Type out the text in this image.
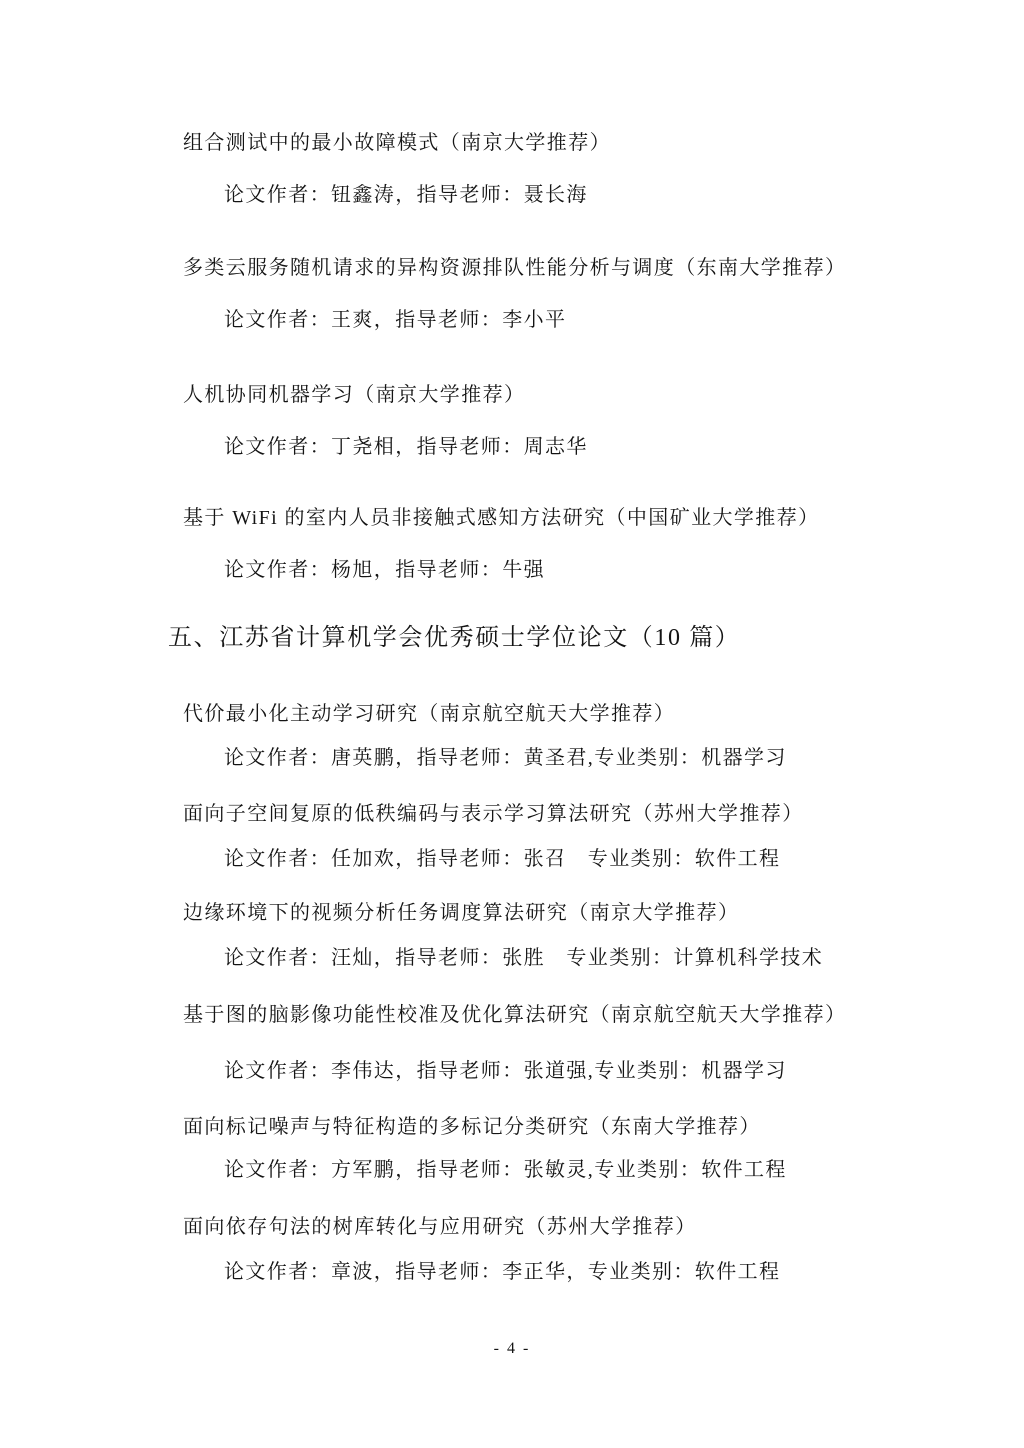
组合测试中的最小故障模式（南京大学推荐）
论文作者：钮鑫涛，指导老师：聂长海
多类云服务随机请求的异构资源排队性能分析与调度（东南大学推荐）
论文作者：王爽，指导老师：李小平
人机协同机器学习（南京大学推荐）
论文作者：丁尧相，指导老师：周志华
基于 WiFi 的室内人员非接触式感知方法研究（中国矿业大学推荐）
论文作者：杨旭，指导老师：牛强
五、江苏省计算机学会优秀硕士学位论文（10 篇）
代价最小化主动学习研究（南京航空航天大学推荐）
论文作者：唐英鹏，指导老师：黄圣君,专业类别：机器学习
面向子空间复原的低秩编码与表示学习算法研究（苏州大学推荐）
论文作者：任加欢，指导老师：张召　专业类别：软件工程
边缘环境下的视频分析任务调度算法研究（南京大学推荐）
论文作者：汪灿，指导老师：张胜　专业类别：计算机科学技术
基于图的脑影像功能性校准及优化算法研究（南京航空航天大学推荐）
论文作者：李伟达，指导老师：张道强,专业类别：机器学习
面向标记噪声与特征构造的多标记分类研究（东南大学推荐）
论文作者：方军鹏，指导老师：张敏灵,专业类别：软件工程
面向依存句法的树库转化与应用研究（苏州大学推荐）
论文作者：章波，指导老师：李正华，专业类别：软件工程
- 4 -
